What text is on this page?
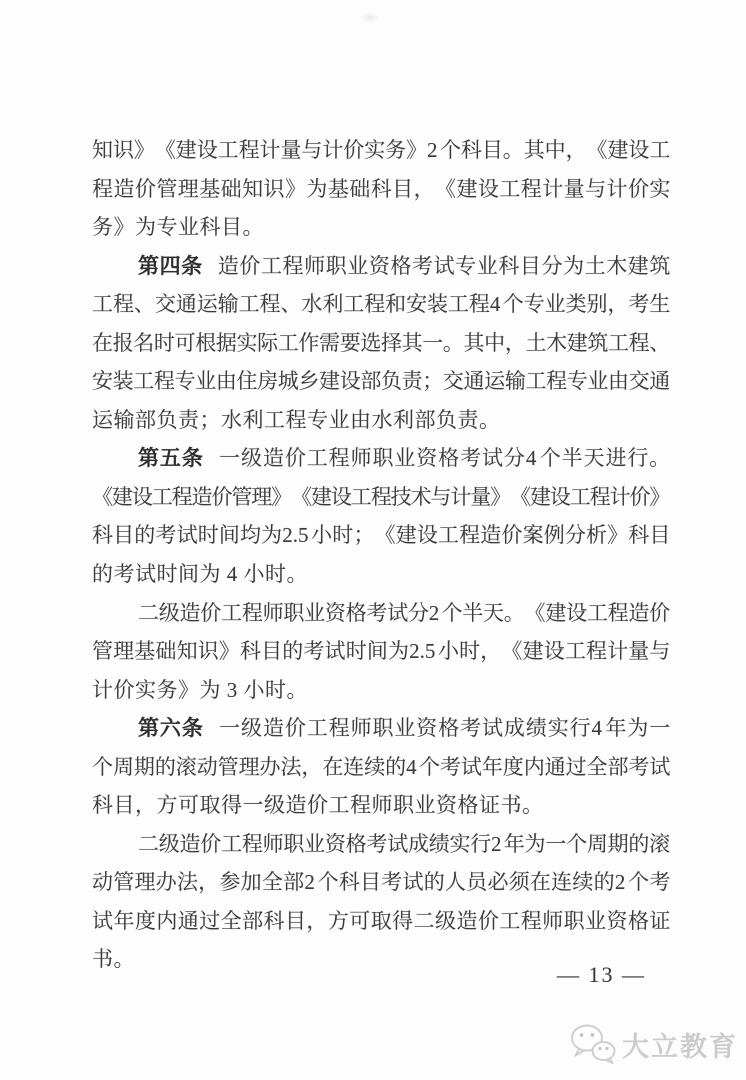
知 识 》 《 建 设 工 程 计 量 与 计 价 实 务 》 2 个 科 目 。 其 中 ， 《 建 设 工
程 造 价 管 理 基 础 知 识 》 为 基 础 科 目 ， 《 建 设 工 程 计 量 与 计 价 实
务》为专业科目。
第 四 条 造 价 工 程 师 职 业 资 格 考 试 专 业 科 目 分 为 土 木 建 筑
工 程 、 交 通 运 输 工 程 、 水 利 工 程 和 安 装 工 程 4 个 专 业 类 别 ， 考 生
在 报 名 时 可 根 据 实 际 工 作 需 要 选 择 其 一 。 其 中 ， 土 木 建 筑 工 程 、
安 装 工 程 专 业 由 住 房 城 乡 建 设 部 负 责 ； 交 通 运 输 工 程 专 业 由 交 通
运输部负责；水利工程专业由水利部负责。
第 五 条 一 级 造 价 工 程 师 职 业 资 格 考 试 分 4 个 半 天 进 行 。
《 建 设 工 程 造 价 管 理 》 《 建 设 工 程 技 术 与 计 量 》 《 建 设 工 程 计 价 》
科 目 的 考 试 时 间 均 为 2.5 小 时 ； 《 建 设 工 程 造 价 案 例 分 析 》 科 目
的考试时间为 4 小时。
二 级 造 价 工 程 师 职 业 资 格 考 试 分 2 个 半 天 。 《 建 设 工 程 造 价
管 理 基 础 知 识 》 科 目 的 考 试 时 间 为 2.5 小 时 ， 《 建 设 工 程 计 量 与
计价实务》为 3 小时。
第 六 条 一 级 造 价 工 程 师 职 业 资 格 考 试 成 绩 实 行 4 年 为 一
个 周 期 的 滚 动 管 理 办 法 ， 在 连 续 的 4 个 考 试 年 度 内 通 过 全 部 考 试
科目，方可取得一级造价工程师职业资格证书。
二 级 造 价 工 程 师 职 业 资 格 考 试 成 绩 实 行 2 年 为 一 个 周 期 的 滚
动 管 理 办 法 ， 参 加 全 部 2 个 科 目 考 试 的 人 员 必 须 在 连 续 的 2 个 考
试 年 度 内 通 过 全 部 科 目 ， 方 可 取 得 二 级 造 价 工 程 师 职 业 资 格 证
书。
— 13 —
大立教育
